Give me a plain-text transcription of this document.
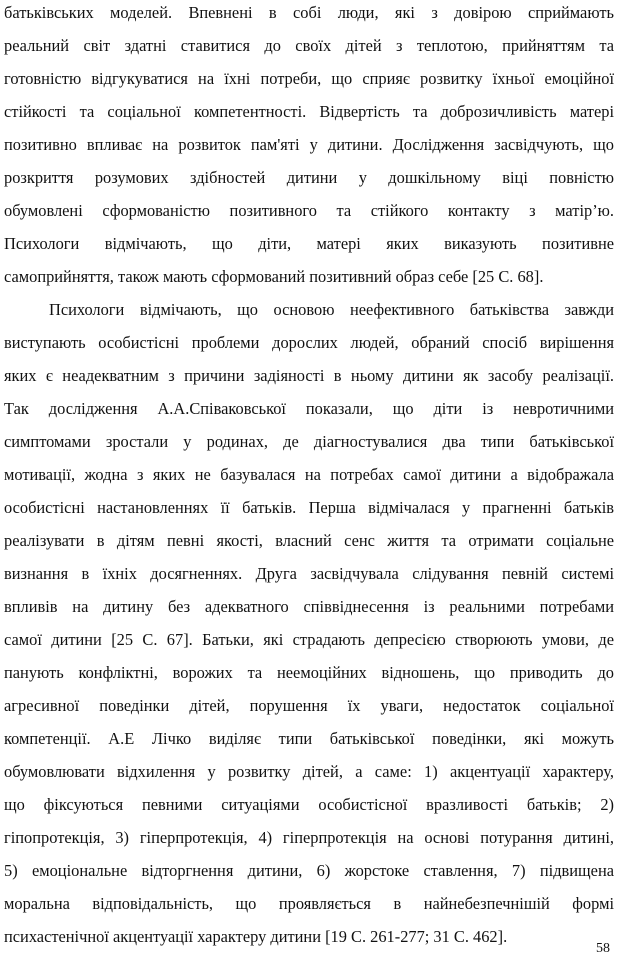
батьківських моделей. Впевнені в собі люди, які з довірою сприймають
реальний світ здатні ставитися до своїх дітей з теплотою, прийняттям та
готовністю відгукуватися на їхні потреби, що сприяє розвитку їхньої емоційної
стійкості та соціальної компетентності. Відвертість та доброзичливість матері
позитивно впливає на розвиток пам'яті у дитини. Дослідження засвідчують, що
розкриття розумових здібностей дитини у дошкільному віці повністю
обумовлені сформованістю позитивного та стійкого контакту з матір’ю.
Психологи відмічають, що діти, матері яких виказують позитивне
самоприйняття, також мають сформований позитивний образ себе [25 С. 68].
Психологи відмічають, що основою неефективного батьківства завжди
виступають особистісні проблеми дорослих людей, обраний спосіб вирішення
яких є неадекватним з причини задіяності в ньому дитини як засобу реалізації.
Так дослідження А.А.Співаковської показали, що діти із невротичними
симптомами зростали у родинах, де діагностувалися два типи батьківської
мотивації, жодна з яких не базувалася на потребах самої дитини а відображала
особистісні настановленнях її батьків. Перша відмічалася у прагненні батьків
реалізувати в дітям певні якості, власний сенс життя та отримати соціальне
визнання в їхніх досягненнях. Друга засвідчувала слідування певній системі
впливів на дитину без адекватного співвіднесення із реальними потребами
самої дитини [25 С. 67]. Батьки, які страдають депресією створюють умови, де
панують конфліктні, ворожих та неемоційних відношень, що приводить до
агресивної поведінки дітей, порушення їх уваги, недостаток соціальної
компетенції. А.Е Лічко виділяє типи батьківської поведінки, які можуть
обумовлювати відхилення у розвитку дітей, а саме: 1) акцентуації характеру,
що фіксуються певними ситуаціями особистісної вразливості батьків; 2)
гіпопротекція, 3) гіперпротекція, 4) гіперпротекція на основі потурання дитині,
5) емоціональне відторгнення дитини, 6) жорстоке ставлення, 7) підвищена
моральна відповідальність, що проявляється в найнебезпечнішій формі
психастенічної акцентуації характеру дитини [19 С. 261-277; 31 С. 462].
58
